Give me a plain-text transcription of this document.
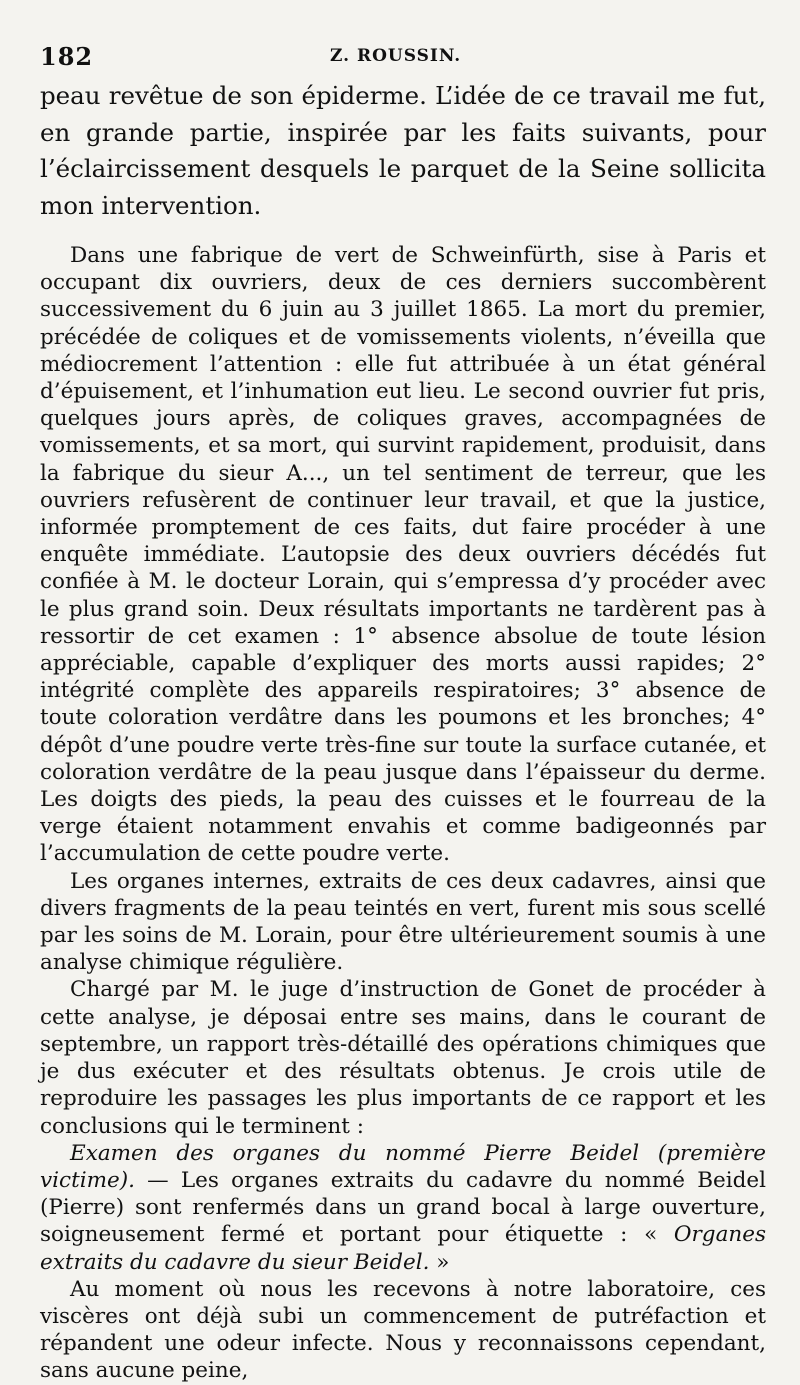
182	Z. ROUSSIN.

peau revêtue de son épiderme. L’idée de ce travail me fut, en grande partie, inspirée par les faits suivants, pour l’éclaircissement desquels le parquet de la Seine sollicita mon intervention.

Dans une fabrique de vert de Schweinfürth, sise à Paris et occupant dix ouvriers, deux de ces derniers succombèrent successivement du 6 juin au 3 juillet 1865. La mort du premier, précédée de coliques et de vomissements violents, n’éveilla que médiocrement l’attention : elle fut attribuée à un état général d’épuisement, et l’inhumation eut lieu. Le second ouvrier fut pris, quelques jours après, de coliques graves, accompagnées de vomissements, et sa mort, qui survint rapidement, produisit, dans la fabrique du sieur A..., un tel sentiment de terreur, que les ouvriers refusèrent de continuer leur travail, et que la justice, informée promptement de ces faits, dut faire procéder à une enquête immédiate. L’autopsie des deux ouvriers décédés fut confiée à M. le docteur Lorain, qui s’empressa d’y procéder avec le plus grand soin. Deux résultats importants ne tardèrent pas à ressortir de cet examen : 1° absence absolue de toute lésion appréciable, capable d’expliquer des morts aussi rapides; 2° intégrité complète des appareils respiratoires; 3° absence de toute coloration verdâtre dans les poumons et les bronches; 4° dépôt d’une poudre verte très-fine sur toute la surface cutanée, et coloration verdâtre de la peau jusque dans l’épaisseur du derme. Les doigts des pieds, la peau des cuisses et le fourreau de la verge étaient notamment envahis et comme badigeonnés par l’accumulation de cette poudre verte.

Les organes internes, extraits de ces deux cadavres, ainsi que divers fragments de la peau teintés en vert, furent mis sous scellé par les soins de M. Lorain, pour être ultérieurement soumis à une analyse chimique régulière.

Chargé par M. le juge d’instruction de Gonet de procéder à cette analyse, je déposai entre ses mains, dans le courant de septembre, un rapport très-détaillé des opérations chimiques que je dus exécuter et des résultats obtenus. Je crois utile de reproduire les passages les plus importants de ce rapport et les conclusions qui le terminent :

Examen des organes du nommé Pierre Beidel (première victime). — Les organes extraits du cadavre du nommé Beidel (Pierre) sont renfermés dans un grand bocal à large ouverture, soigneusement fermé et portant pour étiquette : « Organes extraits du cadavre du sieur Beidel. »

Au moment où nous les recevons à notre laboratoire, ces viscères ont déjà subi un commencement de putréfaction et répandent une odeur infecte. Nous y reconnaissons cependant, sans aucune peine,
